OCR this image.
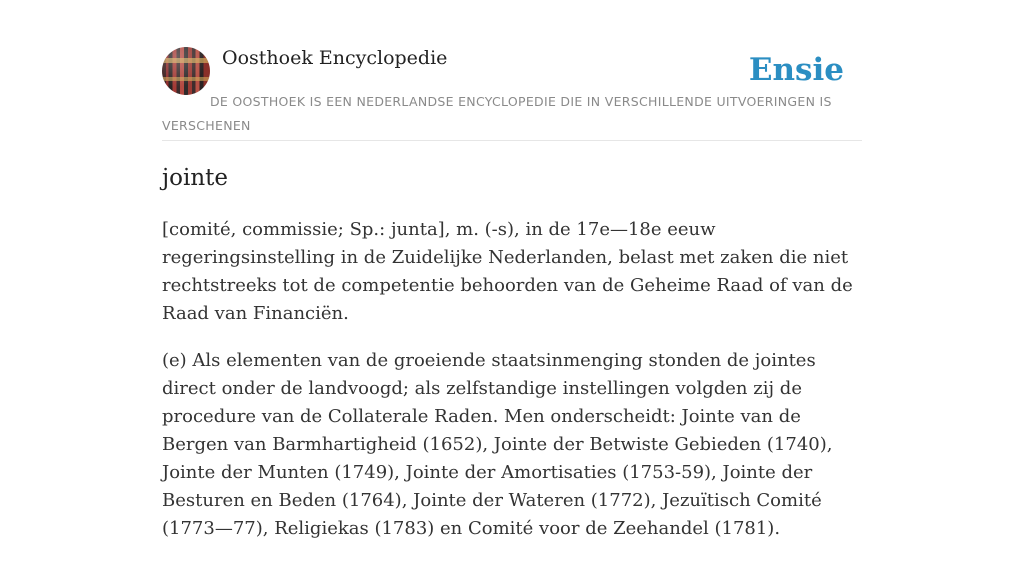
Oosthoek Encyclopedie	Ensie

DE OOSTHOEK IS EEN NEDERLANDSE ENCYCLOPEDIE DIE IN VERSCHILLENDE UITVOERINGEN IS VERSCHENEN

jointe

[comité, commissie; Sp.: junta], m. (-s), in de 17e—18e eeuw regeringsinstelling in de Zuidelijke Nederlanden, belast met zaken die niet rechtstreeks tot de competentie behoorden van de Geheime Raad of van de Raad van Financiën.

(e) Als elementen van de groeiende staatsinmenging stonden de jointes direct onder de landvoogd; als zelfstandige instellingen volgden zij de procedure van de Collaterale Raden. Men onderscheidt: Jointe van de Bergen van Barmhartigheid (1652), Jointe der Betwiste Gebieden (1740), Jointe der Munten (1749), Jointe der Amortisaties (1753-59), Jointe der Besturen en Beden (1764), Jointe der Wateren (1772), Jezuïtisch Comité (1773—77), Religiekas (1783) en Comité voor de Zeehandel (1781).
